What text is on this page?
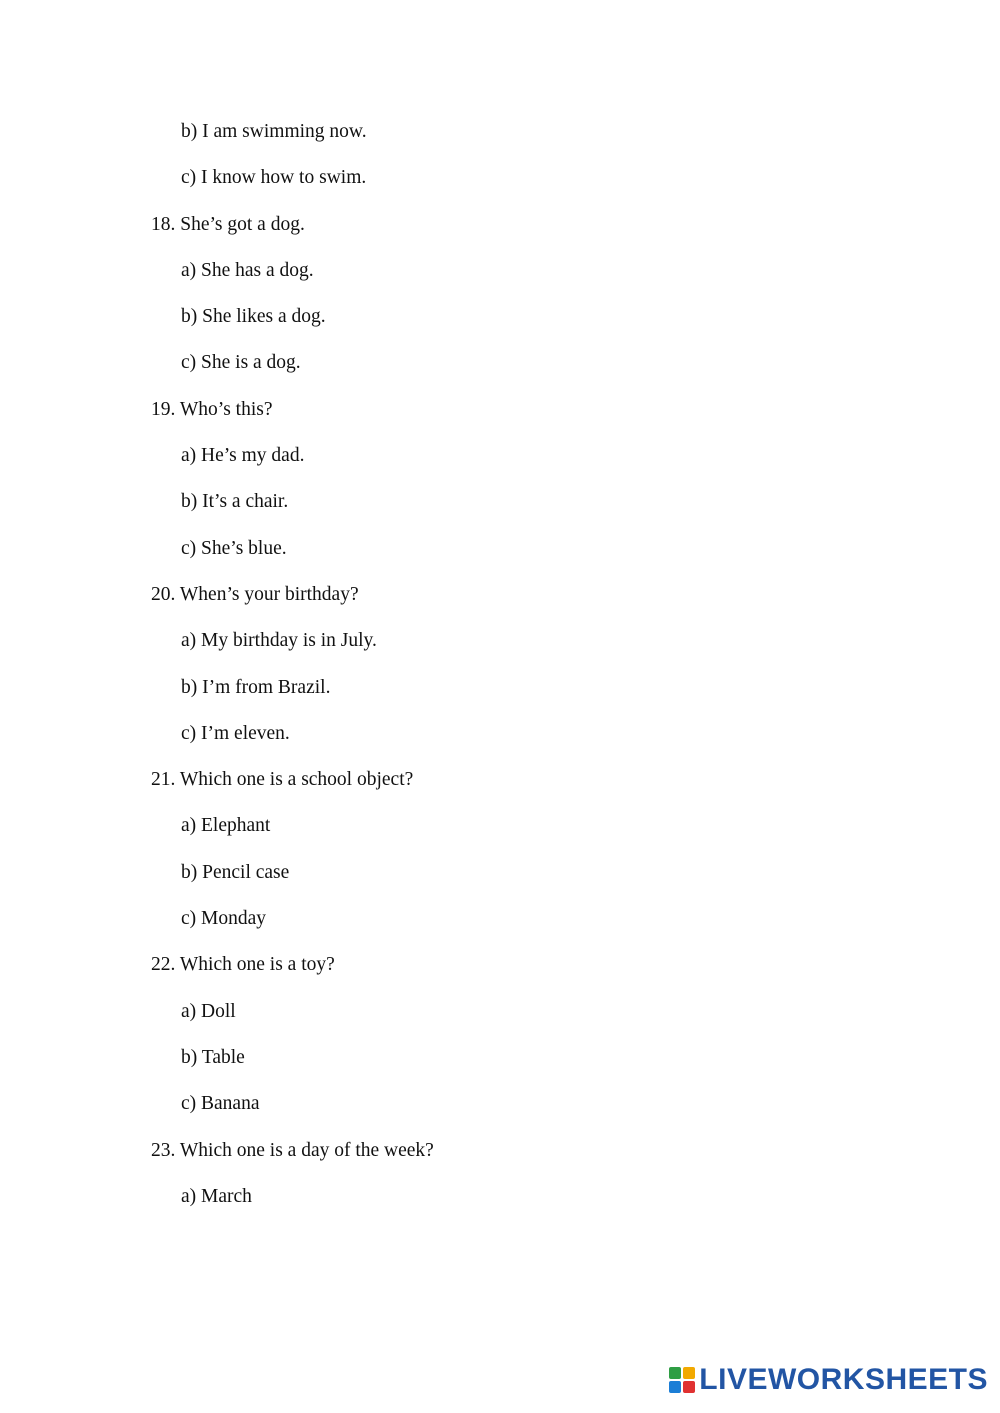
b) I am swimming now.
c) I know how to swim.
18. She’s got a dog.
a) She has a dog.
b) She likes a dog.
c) She is a dog.
19. Who’s this?
a) He’s my dad.
b) It’s a chair.
c) She’s blue.
20. When’s your birthday?
a) My birthday is in July.
b) I’m from Brazil.
c) I’m eleven.
21. Which one is a school object?
a) Elephant
b) Pencil case
c) Monday
22. Which one is a toy?
a) Doll
b) Table
c) Banana
23. Which one is a day of the week?
a) March
LIVEWORKSHEETS
